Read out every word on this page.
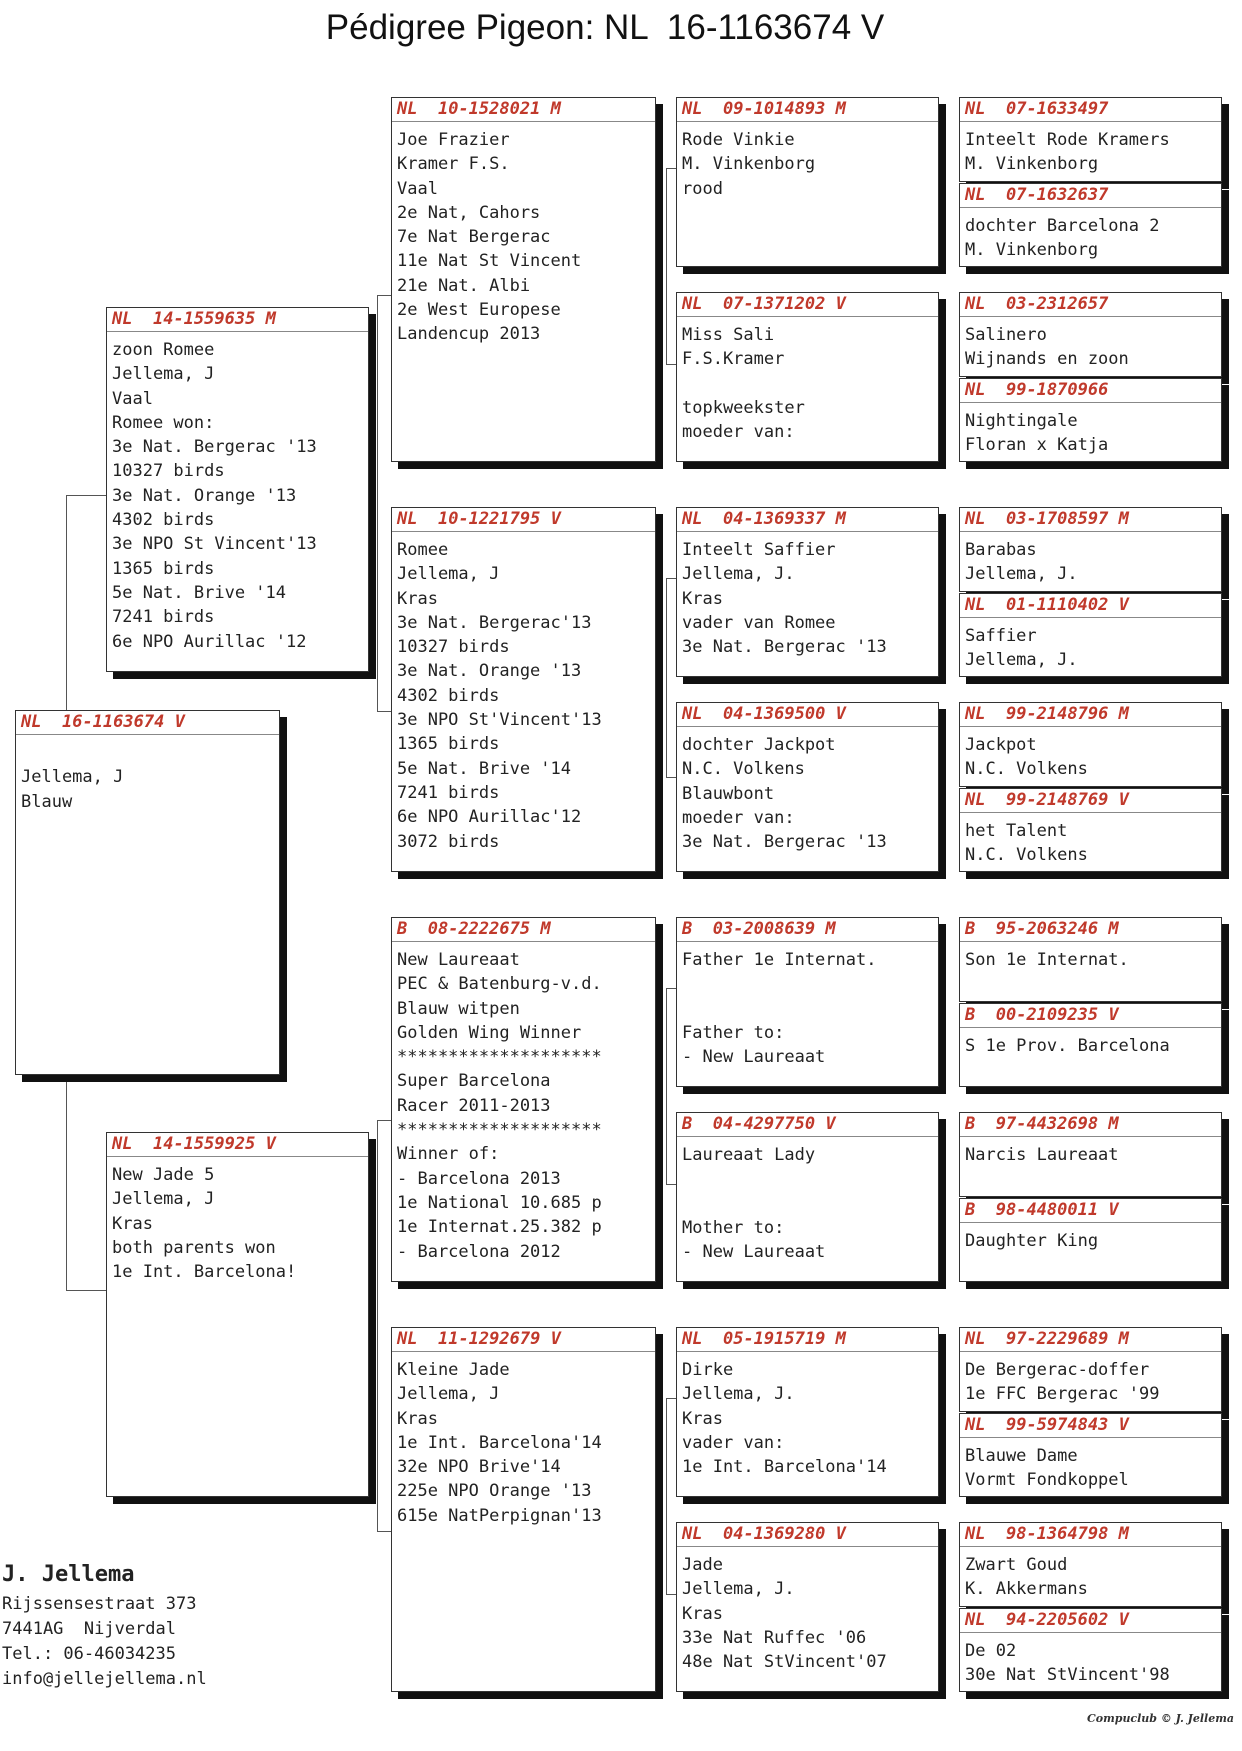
Pédigree Pigeon: NL  16-1163674 V
NL 16-1163674 V
Jellema, J
Blauw
NL 14-1559635 M
zoon Romee
Jellema, J
Vaal
Romee won:
3e Nat. Bergerac '13
10327 birds
3e Nat. Orange '13
4302 birds
3e NPO St Vincent'13
1365 birds
5e Nat. Brive '14
7241 birds
6e NPO Aurillac '12
NL 14-1559925 V
New Jade 5
Jellema, J
Kras
both parents won
1e Int. Barcelona!
NL 10-1528021 M
Joe Frazier
Kramer F.S.
Vaal
2e Nat, Cahors
7e Nat Bergerac
11e Nat St Vincent
21e Nat. Albi
2e West Europese
Landencup 2013
NL 10-1221795 V
Romee
Jellema, J
Kras
3e Nat. Bergerac'13
10327 birds
3e Nat. Orange '13
4302 birds
3e NPO St'Vincent'13
1365 birds
5e Nat. Brive '14
7241 birds
6e NPO Aurillac'12
3072 birds
B 08-2222675 M
New Laureaat
PEC & Batenburg-v.d.
Blauw witpen
Golden Wing Winner
********************
Super Barcelona
Racer 2011-2013
********************
Winner of:
- Barcelona 2013
1e National 10.685 p
1e Internat.25.382 p
- Barcelona 2012
NL 11-1292679 V
Kleine Jade
Jellema, J
Kras
1e Int. Barcelona'14
32e NPO Brive'14
225e NPO Orange '13
615e NatPerpignan'13
NL 09-1014893 M
Rode Vinkie
M. Vinkenborg
rood
NL 07-1371202 V
Miss Sali
F.S.Kramer
topkweekster
moeder van:
NL 04-1369337 M
Inteelt Saffier
Jellema, J.
Kras
vader van Romee
3e Nat. Bergerac '13
NL 04-1369500 V
dochter Jackpot
N.C. Volkens
Blauwbont
moeder van:
3e Nat. Bergerac '13
B 03-2008639 M
Father 1e Internat.
Father to:
- New Laureaat
B 04-4297750 V
Laureaat Lady
Mother to:
- New Laureaat
NL 05-1915719 M
Dirke
Jellema, J.
Kras
vader van:
1e Int. Barcelona'14
NL 04-1369280 V
Jade
Jellema, J.
Kras
33e Nat Ruffec '06
48e Nat StVincent'07
NL 07-1633497
Inteelt Rode Kramers
M. Vinkenborg
NL 07-1632637
dochter Barcelona 2
M. Vinkenborg
NL 03-2312657
Salinero
Wijnands en zoon
NL 99-1870966
Nightingale
Floran x Katja
NL 03-1708597 M
Barabas
Jellema, J.
NL 01-1110402 V
Saffier
Jellema, J.
NL 99-2148796 M
Jackpot
N.C. Volkens
NL 99-2148769 V
het Talent
N.C. Volkens
B 95-2063246 M
Son 1e Internat.
B 00-2109235 V
S 1e Prov. Barcelona
B 97-4432698 M
Narcis Laureaat
B 98-4480011 V
Daughter King
NL 97-2229689 M
De Bergerac-doffer
1e FFC Bergerac '99
NL 99-5974843 V
Blauwe Dame
Vormt Fondkoppel
NL 98-1364798 M
Zwart Goud
K. Akkermans
NL 94-2205602 V
De 02
30e Nat StVincent'98
J. Jellema
Rijssensestraat 373
7441AG  Nijverdal
Tel.: 06-46034235
info@jellejellema.nl
Compuclub © J. Jellema
